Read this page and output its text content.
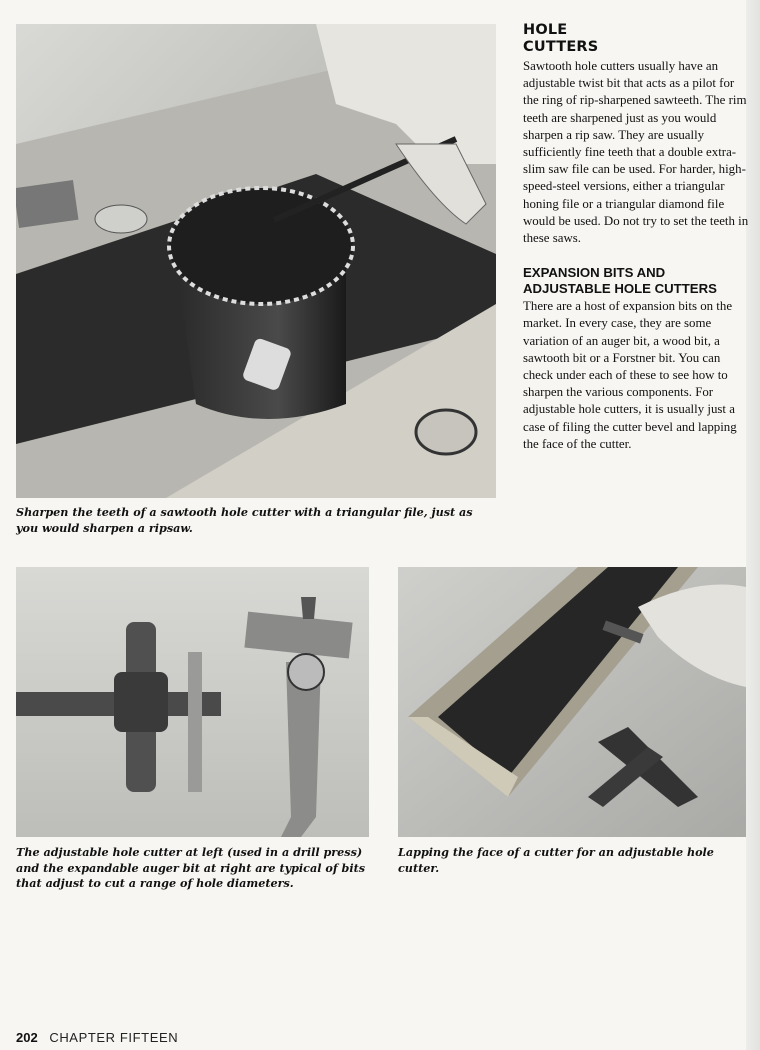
Sharpen the teeth of a sawtooth hole cutter with a triangular file, just as you would sharpen a ripsaw.

HOLE CUTTERS

Sawtooth hole cutters usually have an adjustable twist bit that acts as a pilot for the ring of rip-sharpened sawteeth. The rim teeth are sharpened just as you would sharpen a rip saw. They are usually sufficiently fine teeth that a double extra-slim saw file can be used. For harder, high-speed-steel versions, either a triangular honing file or a triangular diamond file would be used. Do not try to set the teeth in these saws.

EXPANSION BITS AND ADJUSTABLE HOLE CUTTERS

There are a host of expansion bits on the market. In every case, they are some variation of an auger bit, a wood bit, a sawtooth bit or a Forstner bit. You can check under each of these to see how to sharpen the various components. For adjustable hole cutters, it is usually just a case of filing the cutter bevel and lapping the face of the cutter.

The adjustable hole cutter at left (used in a drill press) and the expandable auger bit at right are typical of bits that adjust to cut a range of hole diameters.

Lapping the face of a cutter for an adjustable hole cutter.

202 CHAPTER FIFTEEN
